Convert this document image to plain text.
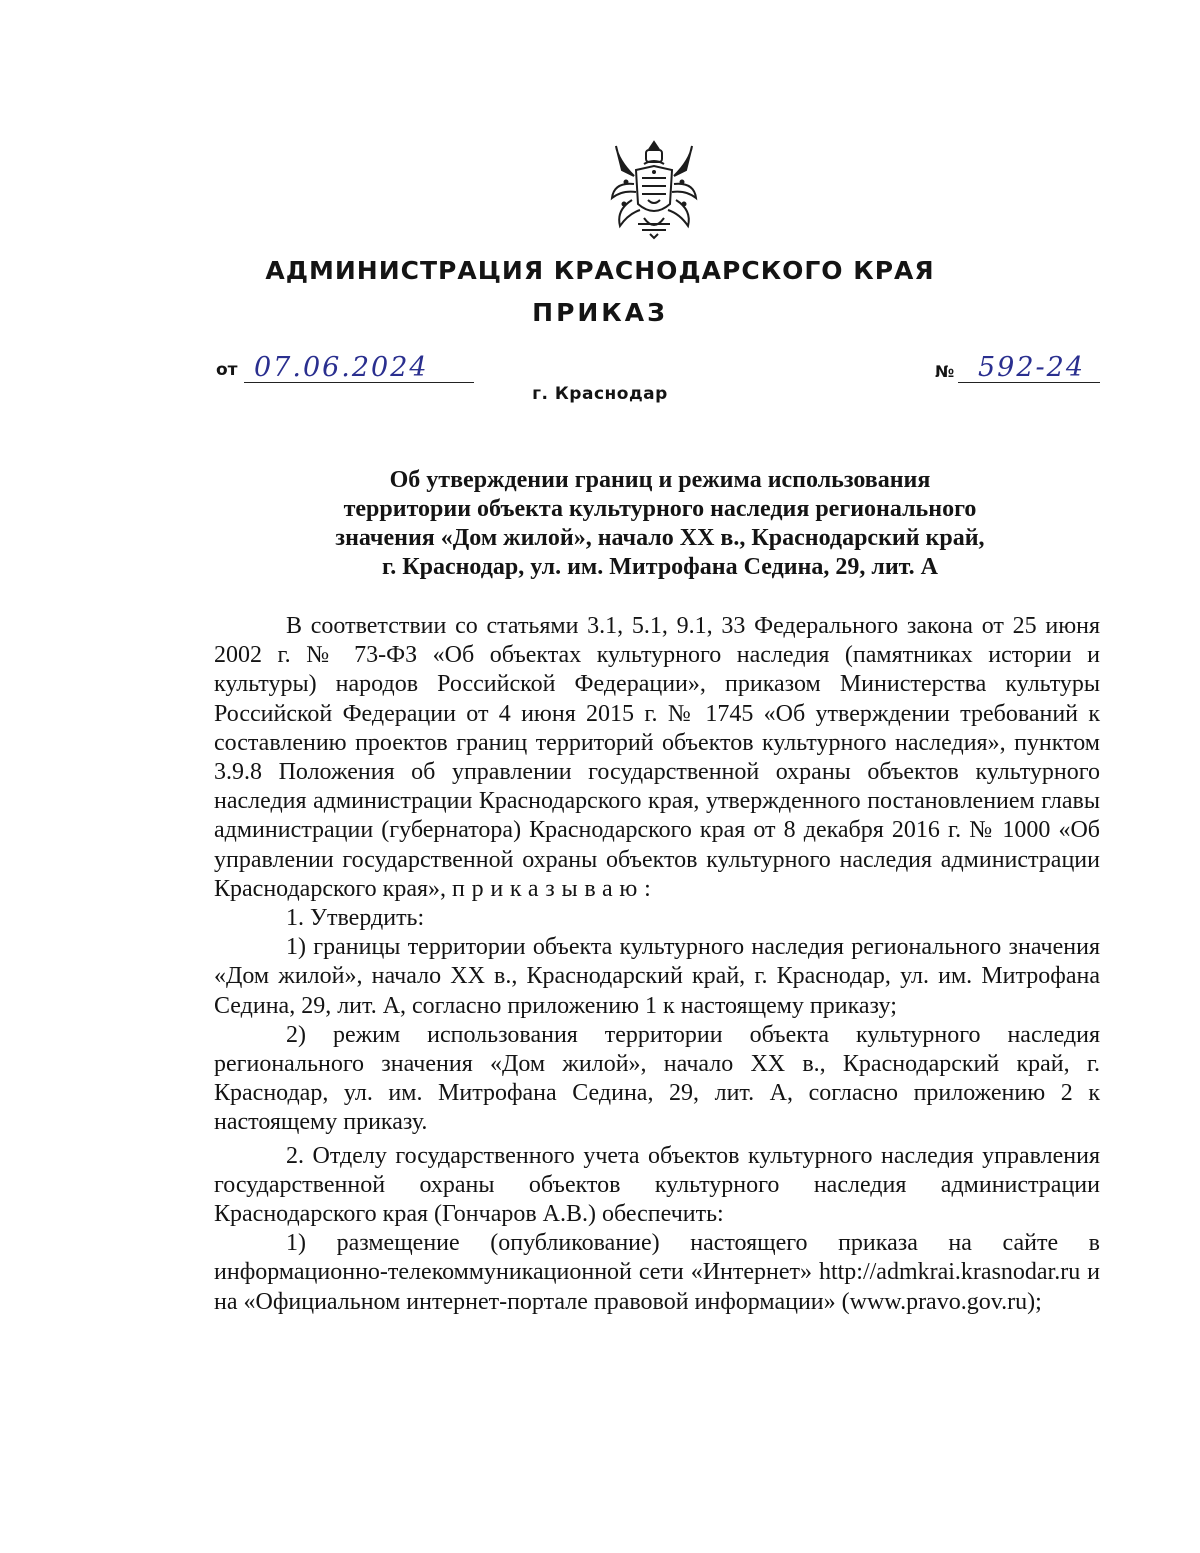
АДМИНИСТРАЦИЯ КРАСНОДАРСКОГО КРАЯ
ПРИКАЗ
от 07.06.2024	№ 592-24
г. Краснодар
Об утверждении границ и режима использования
территории объекта культурного наследия регионального
значения «Дом жилой», начало XX в., Краснодарский край,
г. Краснодар, ул. им. Митрофана Седина, 29, лит. А

В соответствии со статьями 3.1, 5.1, 9.1, 33 Федерального закона от 25 июня 2002 г. № 73-ФЗ «Об объектах культурного наследия (памятниках истории и культуры) народов Российской Федерации», приказом Министерства культуры Российской Федерации от 4 июня 2015 г. № 1745 «Об утверждении требований к составлению проектов границ территорий объектов культурного наследия», пунктом 3.9.8 Положения об управлении государственной охраны объектов культурного наследия администрации Краснодарского края, утвержденного постановлением главы администрации (губернатора) Краснодарского края от 8 декабря 2016 г. № 1000 «Об управлении государственной охраны объектов культурного наследия администрации Краснодарского края», приказываю:

1. Утвердить:

1) границы территории объекта культурного наследия регионального значения «Дом жилой», начало XX в., Краснодарский край, г. Краснодар, ул. им. Митрофана Седина, 29, лит. А, согласно приложению 1 к настоящему приказу;

2) режим использования территории объекта культурного наследия регионального значения «Дом жилой», начало XX в., Краснодарский край, г. Краснодар, ул. им. Митрофана Седина, 29, лит. А, согласно приложению 2 к настоящему приказу.

2. Отделу государственного учета объектов культурного наследия управления государственной охраны объектов культурного наследия администрации Краснодарского края (Гончаров А.В.) обеспечить:

1) размещение (опубликование) настоящего приказа на сайте в информационно-телекоммуникационной сети «Интернет» http://admkrai.krasnodar.ru и на «Официальном интернет-портале правовой информации» (www.pravo.gov.ru);
